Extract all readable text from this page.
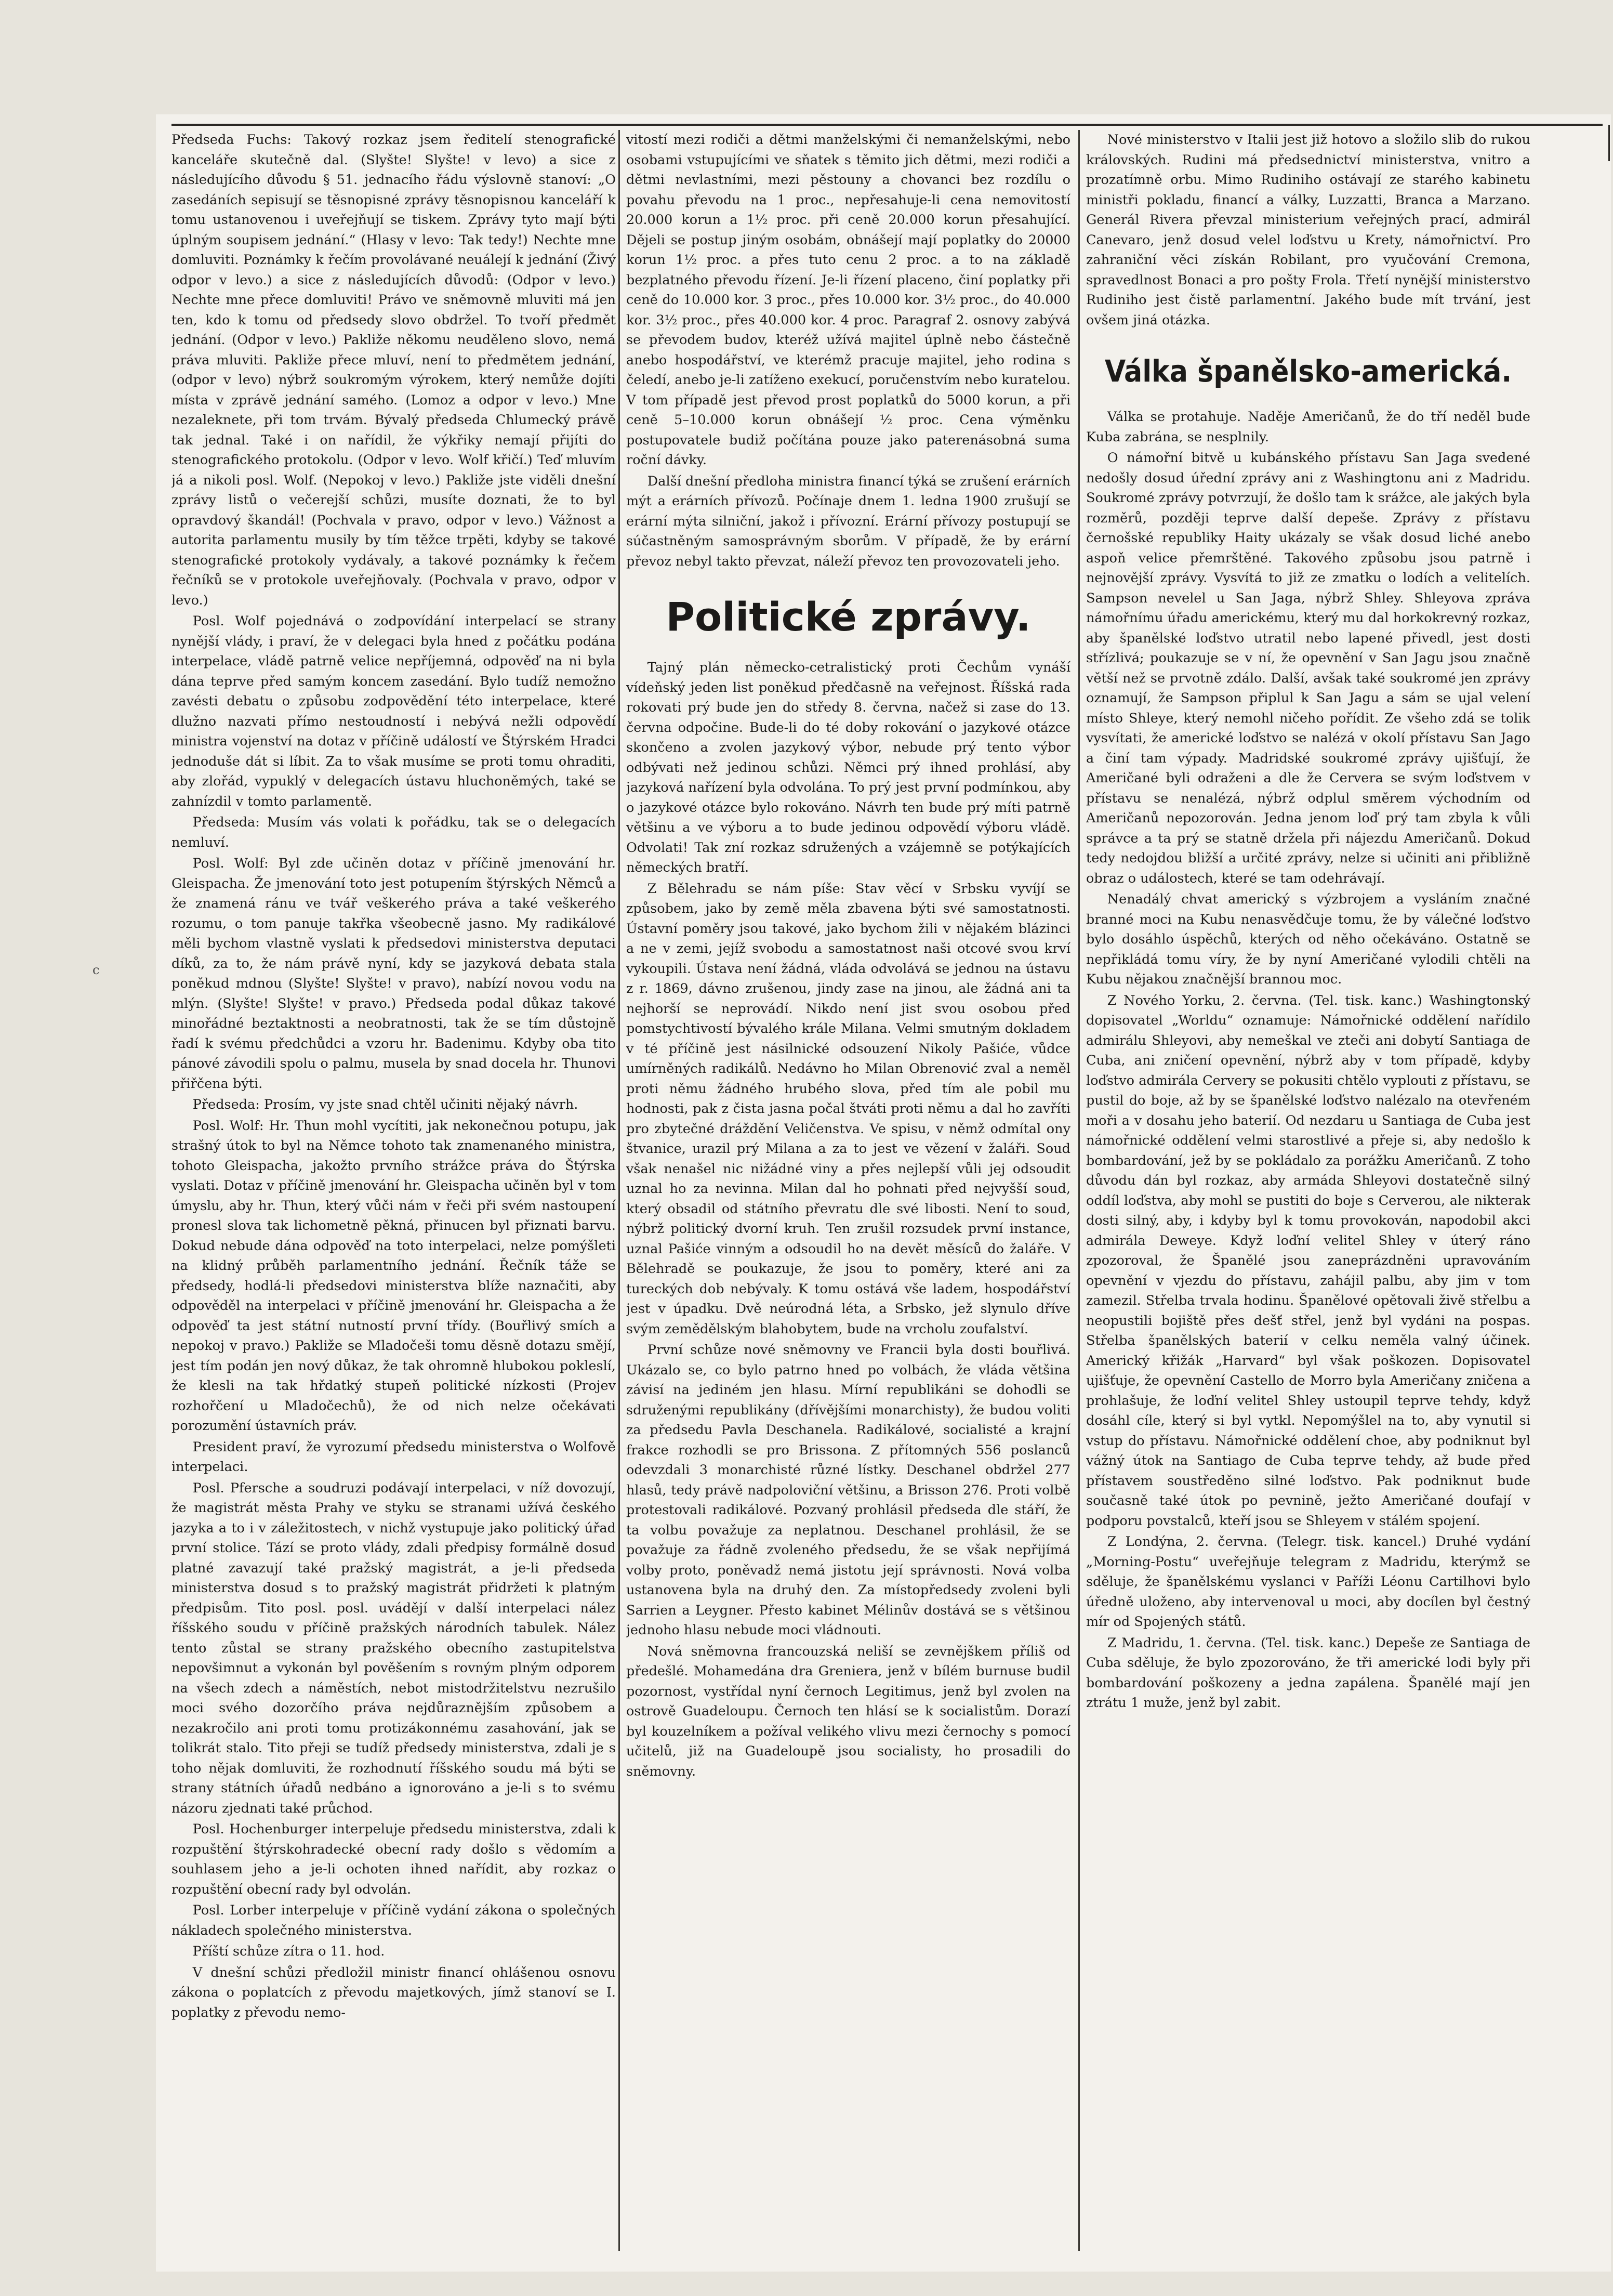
c

Předseda Fuchs: Takový rozkaz jsem ředitelí stenografické kanceláře skutečně dal. (Slyšte! Slyšte! v levo) a sice z následujícího důvodu § 51. jednacího řádu výslovně stanoví: „O zasedáních sepisují se těsnopisné zprávy těsnopisnou kanceláří k tomu ustanovenou i uveřejňují se tiskem. Zprávy tyto mají býti úplným soupisem jednání.“ (Hlasy v levo: Tak tedy!) Nechte mne domluviti. Poznámky k řečím provolávané neuálejí k jednání (Živý odpor v levo.) a sice z následujících důvodů: (Odpor v levo.) Nechte mne přece domluviti! Právo ve sněmovně mluviti má jen ten, kdo k tomu od předsedy slovo obdržel. To tvoří předmět jednání. (Odpor v levo.) Pakliže někomu neudělenо slovo, nemá práva mluviti. Pakliže přece mluví, není to předmětem jednání, (odpor v levo) nýbrž soukromým výrokem, který nemůže dojíti místa v zprávě jednání samého. (Lomoz a odpor v levo.) Mne nezaleknete, při tom trvám. Bývalý předseda Chlumecký právě tak jednal. Také i on nařídil, že výkřiky nemají přijíti do stenografického protokolu. (Odpor v levo. Wolf křičí.) Teď mluvím já a nikoli posl. Wolf. (Nepokoj v levo.) Pakliže jste viděli dnešní zprávy listů o večerejší schůzi, musíte doznati, že to byl opravdový škandál! (Pochvala v pravo, odpor v levo.) Vážnost a autorita parlamentu musily by tím těžce trpěti, kdyby se takové stenografické protokoly vydávaly, a takové poznámky k řečem řečníků se v protokole uveřejňovaly. (Pochvala v pravo, odpor v levo.)

Posl. Wolf pojednává o zodpovídání interpelací se strany nynější vlády, i praví, že v delegaci byla hned z počátku podána interpelace, vládě patrně velice nepříjemná, odpověď na ni byla dána teprve před samým koncem zasedání. Bylo tudíž nemožno zavésti debatu o způsobu zodpovědění této interpelace, které dlužno nazvati přímo nestoudností i nebývá nežli odpovědí ministra vojenství na dotaz v příčině událostí ve Štýrském Hradci jednoduše dát si líbit. Za to však musíme se proti tomu ohraditi, aby zlořád, vypuklý v delegacích ústavu hluchoněmých, také se zahnízdil v tomto parlamentě.

Předseda: Musím vás volati k pořádku, tak se o delegacích nemluví.

Posl. Wolf: Byl zde učiněn dotaz v příčině jmenování hr. Gleispacha. Že jmenování toto jest potupením štýrských Němců a že znamená ránu ve tvář veškerého práva a také veškerého rozumu, o tom panuje takřka všeobecně jasno. My radikálové měli bychom vlastně vyslati k předsedovi ministerstva deputaci díků, za to, že nám právě nyní, kdy se jazyková debata stala poněkud mdnou (Slyšte! Slyšte! v pravo), nabízí novou vodu na mlýn. (Slyšte! Slyšte! v pravo.) Předseda podal důkaz takové minořádné beztaktnosti a neobratnosti, tak že se tím důstojně řadí k svému předchůdci a vzoru hr. Badenimu. Kdyby oba tito pánové závodili spolu o palmu, musela by snad docela hr. Thunovi přiřčena býti.

Předseda: Prosím, vy jste snad chtěl učiniti nějaký návrh.

Posl. Wolf: Hr. Thun mohl vycítiti, jak nekonečnou potupu, jak strašný útok to byl na Němce tohoto tak znamenaného ministra, tohoto Gleispacha, jakožto prvního strážce práva do Štýrska vyslati. Dotaz v příčině jmenování hr. Gleispacha učiněn byl v tom úmyslu, aby hr. Thun, který vůči nám v řeči při svém nastoupení pronesl slova tak lichometně pěkná, přinucen byl přiznati barvu. Dokud nebude dána odpověď na toto interpelaci, nelze pomýšleti na klidný průběh parlamentního jednání. Řečník táže se předsedy, hodlá-li předsedovi ministerstva blíže naznačiti, aby odpověděl na interpelaci v příčině jmenování hr. Gleispacha a že odpověď ta jest státní nutností první třídy. (Bouřlivý smích a nepokoj v pravo.) Pakliže se Mladočeši tomu děsně dotazu smějí, jest tím podán jen nový důkaz, že tak ohromně hlubokou pokleslí, že klesli na tak hřdatký stupeň politické nízkosti (Projev rozhořčení u Mladočechů), že od nich nelze očekávati porozumění ústavních práv.

President praví, že vyrozumí předsedu ministerstva o Wolfově interpelaci.

Posl. Pfersche a soudruzi podávají interpelaci, v níž dovozují, že magistrát města Prahy ve styku se stranami užívá českého jazyka a to i v záležitostech, v nichž vystupuje jako politický úřad první stolice. Tází se proto vlády, zdali předpisy formálně dosud platné zavazují také pražský magistrát, a je-li předseda ministerstva dosud s to pražský magistrát přidržeti k platným předpisům. Tito posl. posl. uvádějí v další interpelaci nález říšského soudu v příčině pražských národních tabulek. Nález tento zůstal se strany pražského obecního zastupitelstva nepovšimnut a vykonán byl pověšením s rovným plným odporem na všech zdech a náměstích, nebot mistodržitelstvu nezrušilo moci svého dozorčího práva nejdůraznějším způsobem a nezakročilo ani proti tomu protizákonnému zasahování, jak se tolikrát stalo. Tito přeji se tudíž předsedy ministerstva, zdali je s toho nějak domluviti, že rozhodnutí říšského soudu má býti se strany státních úřadů nedbáno a ignorováno a je-li s to svému názoru zjednati také průchod.

Posl. Hochenburger interpeluje předsedu ministerstva, zdali k rozpuštění štýrskohradecké obecní rady došlo s vědomím a souhlasem jeho a je-li ochoten ihned nařídit, aby rozkaz o rozpuštění obecní rady byl odvolán.

Posl. Lorber interpeluje v příčině vydání zákona o společných nákladech společného ministerstva.

Příští schůze zítra o 11. hod.

V dnešní schůzi předložil ministr financí ohlášenou osnovu zákona o poplatcích z převodu majetkových, jímž stanoví se I. poplatky z převodu nemo-

vitostí mezi rodiči a dětmi manželskými či nemanželskými, nebo osobami vstupujícími ve sňatek s těmito jich dětmi, mezi rodiči a dětmi nevlastními, mezi pěstouny a chovanci bez rozdílu o povahu převodu na 1 proc., nepřesahuje-li cena nemovitostí 20.000 korun a 1½ proc. při ceně 20.000 korun přesahující. Dějeli se postup jiným osobám, obnášejí mají poplatky do 20000 korun 1½ proc. a přes tuto cenu 2 proc. a to na základě bezplatného převodu řízení. Je-li řízení placeno, činí poplatky při ceně do 10.000 kor. 3 proc., přes 10.000 kor. 3½ proc., do 40.000 kor. 3½ proc., přes 40.000 kor. 4 proc. Paragraf 2. osnovy zabývá se převodem budov, kteréž užívá majitel úplně nebo částečně anebo hospodářství, ve kterémž pracuje majitel, jeho rodina s čeledí, anebo je-li zatíženo exekucí, poručenstvím nebo kuratelou. V tom případě jest převod prost poplatků do 5000 korun, a při ceně 5–10.000 korun obnášejí ½ proc. Cena výměnku postupovatele budiž počítána pouze jako paterenásobná suma roční dávky.

Další dnešní předloha ministra financí týká se zrušení erárních mýt a erárních přívozů. Počínaje dnem 1. ledna 1900 zrušují se erární mýta silniční, jakož i přívozní. Erární přívozy postupují se súčastněným samosprávným sborům. V případě, že by erární převoz nebyl takto převzat, náleží převoz ten provozovateli jeho.

Politické zprávy.

Tajný plán německo-cetralistický proti Čechům vynáší vídeňský jeden list poněkud předčasně na veřejnost. Říšská rada rokovati prý bude jen do středy 8. června, načež si zase do 13. června odpočine. Bude-li do té doby rokování o jazykové otázce skončeno a zvolen jazykový výbor, nebude prý tento výbor odbývati než jedinou schůzi. Němci prý ihned prohlásí, aby jazyková nařízení byla odvolána. To prý jest první podmínkou, aby o jazykové otázce bylo rokováno. Návrh ten bude prý míti patrně většinu a ve výboru a to bude jedinou odpovědí výboru vládě. Odvolati! Tak zní rozkaz sdružených a vzájemně se potýkajících německých bratří.

Z Bělehradu se nám píše: Stav věcí v Srbsku vyvíjí se způsobem, jako by země měla zbavena býti své samostatnosti. Ústavní poměry jsou takové, jako bychom žili v nějakém blázinci a ne v zemi, jejíž svobodu a samostatnost naši otcové svou krví vykoupili. Ústava není žádná, vláda odvolává se jednou na ústavu z r. 1869, dávno zrušenou, jindy zase na jinou, ale žádná ani ta nejhorší se neprovádí. Nikdo není jist svou osobou před pomstychtivostí bývalého krále Milana. Velmi smutným dokladem v té příčině jest násilnické odsouzení Nikoly Pašiće, vůdce umírněných radikálů. Nedávno ho Milan Obrenović zval a neměl proti němu žádného hrubého slova, před tím ale pobil mu hodnosti, pak z čista jasna počal štváti proti němu a dal ho zavříti pro zbytečné dráždění Veličenstva. Ve spisu, v němž odmítal ony štvanice, urazil prý Milana a za to jest ve vězení v žaláři. Soud však nenašel nic nižádné viny a přes nejlepší vůli jej odsoudit uznal ho za nevinna. Milan dal ho pohnati před nejvyšší soud, který obsadil od státního převratu dle své libosti. Není to soud, nýbrž politický dvorní kruh. Ten zrušil rozsudek první instance, uznal Pašiće vinným a odsoudil ho na devět měsíců do žaláře. V Bělehradě se poukazuje, že jsou to poměry, které ani za tureckých dob nebývaly. K tomu ostává vše ladem, hospodářství jest v úpadku. Dvě neúrodná léta, a Srbsko, jež slynulo dříve svým zemědělským blahobytem, bude na vrcholu zoufalství.

První schůze nové sněmovny ve Francii byla dosti bouřlivá. Ukázalo se, co bylo patrno hned po volbách, že vláda většina závisí na jediném jen hlasu. Mírní republikáni se dohodli se sdruženými republikány (dřívějšími monarchisty), že budou voliti za předsedu Pavla Deschanela. Radikálové, socialisté a krajní frakce rozhodli se pro Brissona. Z přítomných 556 poslanců odevzdali 3 monarchisté různé lístky. Deschanel obdržel 277 hlasů, tedy právě nadpoloviční většinu, a Brisson 276. Proti volbě protestovali radikálové. Pozvaný prohlásil předseda dle stáří, že ta volbu považuje za neplatnou. Deschanel prohlásil, že se považuje za řádně zvoleného předsedu, že se však nepřijímá volby proto, poněvadž nemá jistotu její správnosti. Nová volba ustanovena byla na druhý den. Za místopředsedy zvoleni byli Sarrien a Leygner. Přesto kabinet Mélinův dostává se s většinou jednoho hlasu nebude moci vládnouti.

Nová sněmovna francouzská neliší se zevnějškem příliš od předešlé. Mohamedána dra Greniera, jenž v bílém burnuse budil pozornost, vystřídal nyní černoch Legitimus, jenž byl zvolen na ostrově Guadeloupu. Černoch ten hlásí se k socialistům. Dorazí byl kouzelníkem a požíval velikého vlivu mezi černochy s pomocí učitelů, již na Guadeloupě jsou socialisty, ho prosadili do sněmovny.

Nové ministerstvo v Italii jest již hotovo a složilo slib do rukou královských. Rudini má předsednictví ministerstva, vnitro a prozatímně orbu. Mimo Rudiniho ostávají ze starého kabinetu ministři pokladu, financí a války, Luzzatti, Branca a Marzano. Generál Rivera převzal ministerium veřejných prací, admirál Canevaro, jenž dosud velel loďstvu u Krety, námořnictví. Pro zahraniční věci získán Robilant, pro vyučování Cremona, spravedlnost Bonaci a pro pošty Frola. Třetí nynější ministerstvo Rudiniho jest čistě parlamentní. Jakého bude mít trvání, jest ovšem jiná otázka.

Válka španělsko-americká.

Válka se protahuje. Naděje Američanů, že do tří neděl bude Kuba zabrána, se nesplnily.

O námořní bitvě u kubánského přístavu San Jaga svedené nedošly dosud úřední zprávy ani z Washingtonu ani z Madridu. Soukromé zprávy potvrzují, že došlo tam k srážce, ale jakých byla rozměrů, později teprve další depeše. Zprávy z přístavu černošské republiky Haity ukázaly se však dosud liché anebo aspoň velice přemrštěné. Takového způsobu jsou patrně i nejnovější zprávy. Vysvítá to již ze zmatku o lodích a velitelích. Sampson nevelel u San Jaga, nýbrž Shley. Shleyova zpráva námořnímu úřadu americkému, který mu dal horkokrevný rozkaz, aby španělské loďstvo utratil nebo lapené přivedl, jest dosti střízlivá; poukazuje se v ní, že opevnění v San Jagu jsou značně větší než se prvotně zdálo. Další, avšak také soukromé jen zprávy oznamují, že Sampson připlul k San Jagu a sám se ujal velení místo Shleye, který nemohl ničeho pořídit. Ze všeho zdá se tolik vysvítati, že americké loďstvo se nalézá v okolí přístavu San Jago a činí tam výpady. Madridské soukromé zprávy ujišťují, že Američané byli odraženi a dle že Cervera se svým loďstvem v přístavu se nenalézá, nýbrž odplul směrem východním od Američanů nepozorován. Jedna jenom loď prý tam zbyla k vůli správce a ta prý se statně držela při nájezdu Američanů. Dokud tedy nedojdou bližší a určité zprávy, nelze si učiniti ani přibližně obraz o událostech, které se tam odehrávají.

Nenadálý chvat americký s výzbrojem a vysláním značné branné moci na Kubu nenasvědčuje tomu, že by válečné loďstvo bylo dosáhlo úspěchů, kterých od něho očekáváno. Ostatně se nepřikládá tomu víry, že by nyní Američané vylodili chtěli na Kubu nějakou značnější brannou moc.

Z Nového Yorku, 2. června. (Tel. tisk. kanc.) Washingtonský dopisovatel „Worldu“ oznamuje: Námořnické oddělení nařídilo admirálu Shleyovi, aby nemeškal ve zteči ani dobytí Santiaga de Cuba, ani zničení opevnění, nýbrž aby v tom případě, kdyby loďstvo admirála Cervery se pokusiti chtělo vyplouti z přístavu, se pustil do boje, až by se španělské loďstvo nalézalo na otevřeném moři a v dosahu jeho baterií. Od nezdaru u Santiaga de Cuba jest námořnické oddělení velmi starostlivé a přeje si, aby nedošlo k bombardování, jež by se pokládalo za porážku Američanů. Z toho důvodu dán byl rozkaz, aby armáda Shleyovi dostatečně silný oddíl loďstva, aby mohl se pustiti do boje s Cerverou, ale nikterak dosti silný, aby, i kdyby byl k tomu provokován, napodobil akci admirála Deweye. Když loďní velitel Shley v úterý ráno zpozoroval, že Španělé jsou zaneprázdněni upravováním opevnění v vjezdu do přístavu, zahájil palbu, aby jim v tom zamezil. Střelba trvala hodinu. Španělové opětovali živě střelbu a neopustili bojiště přes dešť střel, jenž byl vydáni na pospas. Střelba španělských baterií v celku neměla valný účinek. Americký křižák „Harvard“ byl však poškozen. Dopisovatel ujišťuje, že opevnění Castello de Morro byla Američany zničena a prohlašuje, že loďní velitel Shley ustoupil teprve tehdy, když dosáhl cíle, který si byl vytkl. Nepomýšlel na to, aby vynutil si vstup do přístavu. Námořnické oddělení choe, aby podniknut byl vážný útok na Santiago de Cuba teprve tehdy, až bude před přístavem soustředěno silné loďstvo. Pak podniknut bude současně také útok po pevnině, ježto Američané doufají v podporu povstalců, kteří jsou se Shleyem v stálém spojení.

Z Londýna, 2. června. (Telegr. tisk. kancel.) Druhé vydání „Morning-Postu“ uveřejňuje telegram z Madridu, kterýmž se sděluje, že španělskému vyslanci v Paříži Léonu Cartilhovi bylo úředně uloženo, aby intervenoval u moci, aby docílen byl čestný mír od Spojených států.

Z Madridu, 1. června. (Tel. tisk. kanc.) Depeše ze Santiaga de Cuba sděluje, že bylo zpozorováno, že tři americké lodi byly při bombardování poškozeny a jedna zapálena. Španělé mají jen ztrátu 1 muže, jenž byl zabit.
